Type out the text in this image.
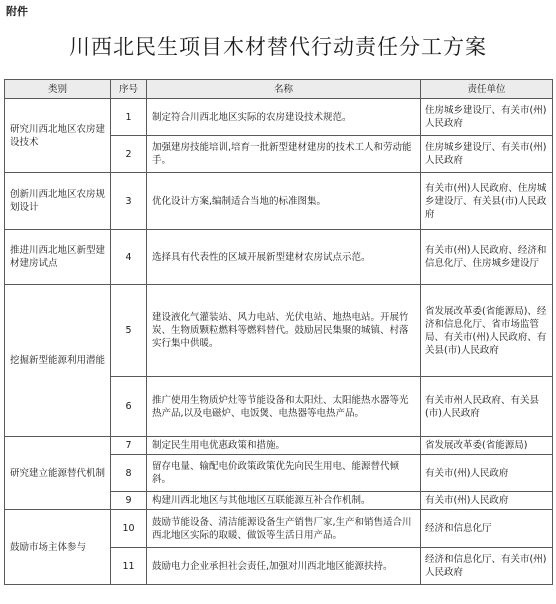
附件
川西北民生项目木材替代行动责任分工方案
类别	序号	名称	责任单位
研究川西北地区农房建设技术	1	制定符合川西北地区实际的农房建设技术规范。	住房城乡建设厅、有关市(州)人民政府
	2	加强建房技能培训,培育一批新型建材建房的技术工人和劳动能手。	住房城乡建设厅、有关市(州)人民政府
创新川西北地区农房规划设计	3	优化设计方案,编制适合当地的标准图集。	有关市(州)人民政府、住房城乡建设厅、有关县(市)人民政府
推进川西北地区新型建材建房试点	4	选择具有代表性的区域开展新型建材农房试点示范。	有关市(州)人民政府、经济和信息化厅、住房城乡建设厅
挖掘新型能源利用潜能	5	建设液化气灌装站、风力电站、光伏电站、地热电站。开展竹炭、生物质颗粒燃料等燃料替代。鼓励居民集聚的城镇、村落实行集中供暖。	省发展改革委(省能源局)、经济和信息化厅、省市场监管局、有关市(州)人民政府、有关县(市)人民政府
	6	推广使用生物质炉灶等节能设备和太阳灶、太阳能热水器等光热产品,以及电磁炉、电饭煲、电热器等电热产品。	有关市州人民政府、有关县(市)人民政府
研究建立能源替代机制	7	制定民生用电优惠政策和措施。	省发展改革委(省能源局)
	8	留存电量、输配电价政策政策优先向民生用电、能源替代倾斜。	有关市(州)人民政府
	9	构建川西北地区与其他地区互联能源互补合作机制。	有关市(州)人民政府
鼓励市场主体参与	10	鼓励节能设备、清洁能源设备生产销售厂家,生产和销售适合川西北地区实际的取暖、做饭等生活日用产品。	经济和信息化厅
	11	鼓励电力企业承担社会责任,加强对川西北地区能源扶持。	经济和信息化厅、有关市(州)人民政府
